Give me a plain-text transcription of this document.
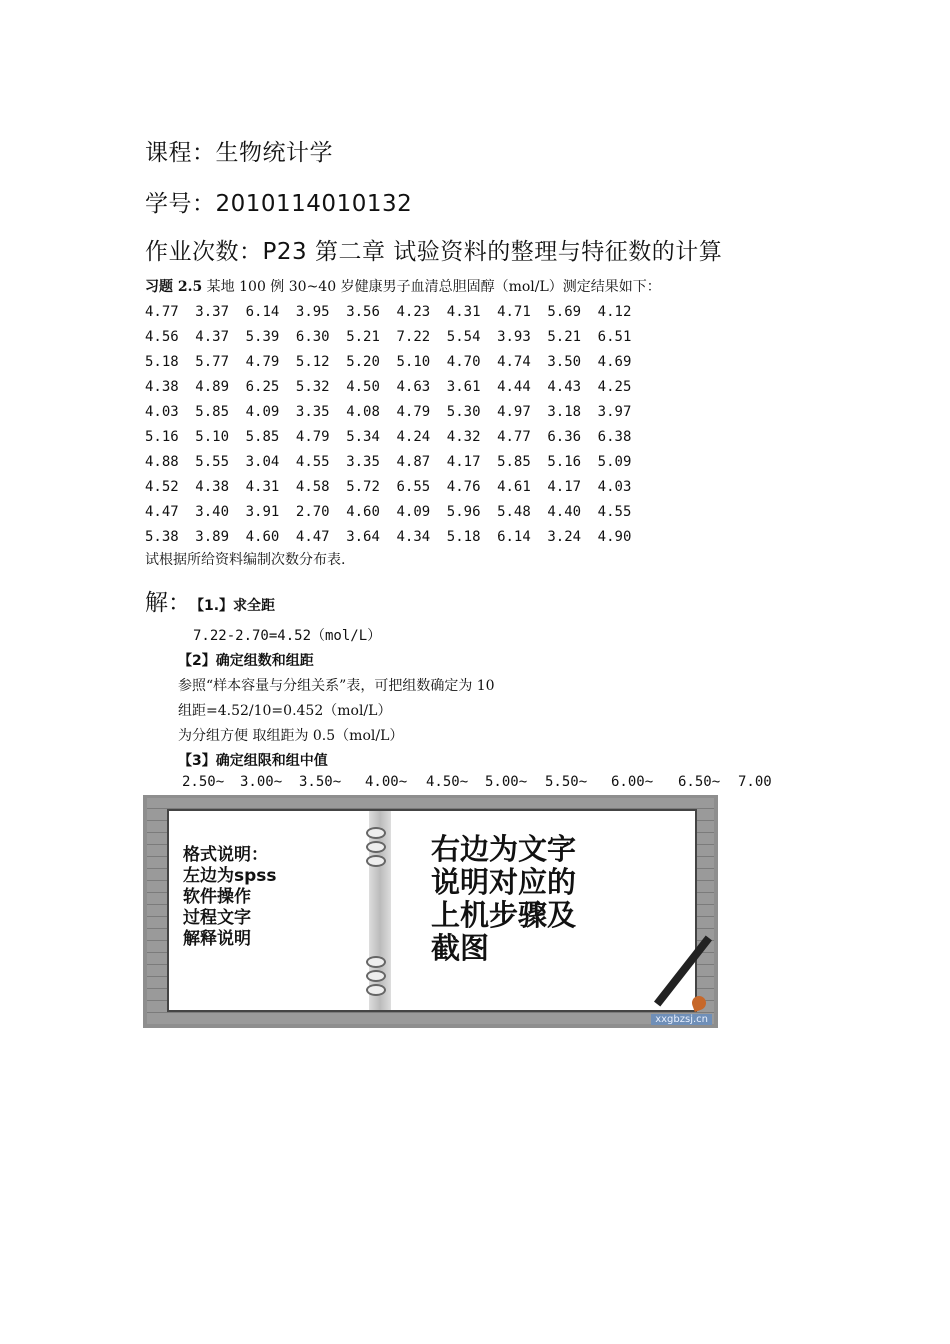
课程：生物统计学
学号：2010114010132
作业次数：P23 第二章 试验资料的整理与特征数的计算
习题 2.5 某地 100 例 30~40 岁健康男子血清总胆固醇（mol/L）测定结果如下：
4.77 3.37 6.14 3.95 3.56 4.23 4.31 4.71 5.69 4.12
4.56 4.37 5.39 6.30 5.21 7.22 5.54 3.93 5.21 6.51
5.18 5.77 4.79 5.12 5.20 5.10 4.70 4.74 3.50 4.69
4.38 4.89 6.25 5.32 4.50 4.63 3.61 4.44 4.43 4.25
4.03 5.85 4.09 3.35 4.08 4.79 5.30 4.97 3.18 3.97
5.16 5.10 5.85 4.79 5.34 4.24 4.32 4.77 6.36 6.38
4.88 5.55 3.04 4.55 3.35 4.87 4.17 5.85 5.16 5.09
4.52 4.38 4.31 4.58 5.72 6.55 4.76 4.61 4.17 4.03
4.47 3.40 3.91 2.70 4.60 4.09 5.96 5.48 4.40 4.55
5.38 3.89 4.60 4.47 3.64 4.34 5.18 6.14 3.24 4.90
试根据所给资料编制次数分布表.
解： 【1.】求全距
7.22-2.70=4.52（mol/L）
【2】确定组数和组距
参照“样本容量与分组关系”表，可把组数确定为 10
组距=4.52/10=0.452（mol/L）
为分组方便 取组距为 0.5（mol/L）
【3】确定组限和组中值
2.50~ 3.00~ 3.50~ 4.00~ 4.50~ 5.00~ 5.50~ 6.00~ 6.50~ 7.00
格式说明：
左边为spss
软件操作
过程文字
解释说明
右边为文字
说明对应的
上机步骤及
截图
xxgbzsj.cn
